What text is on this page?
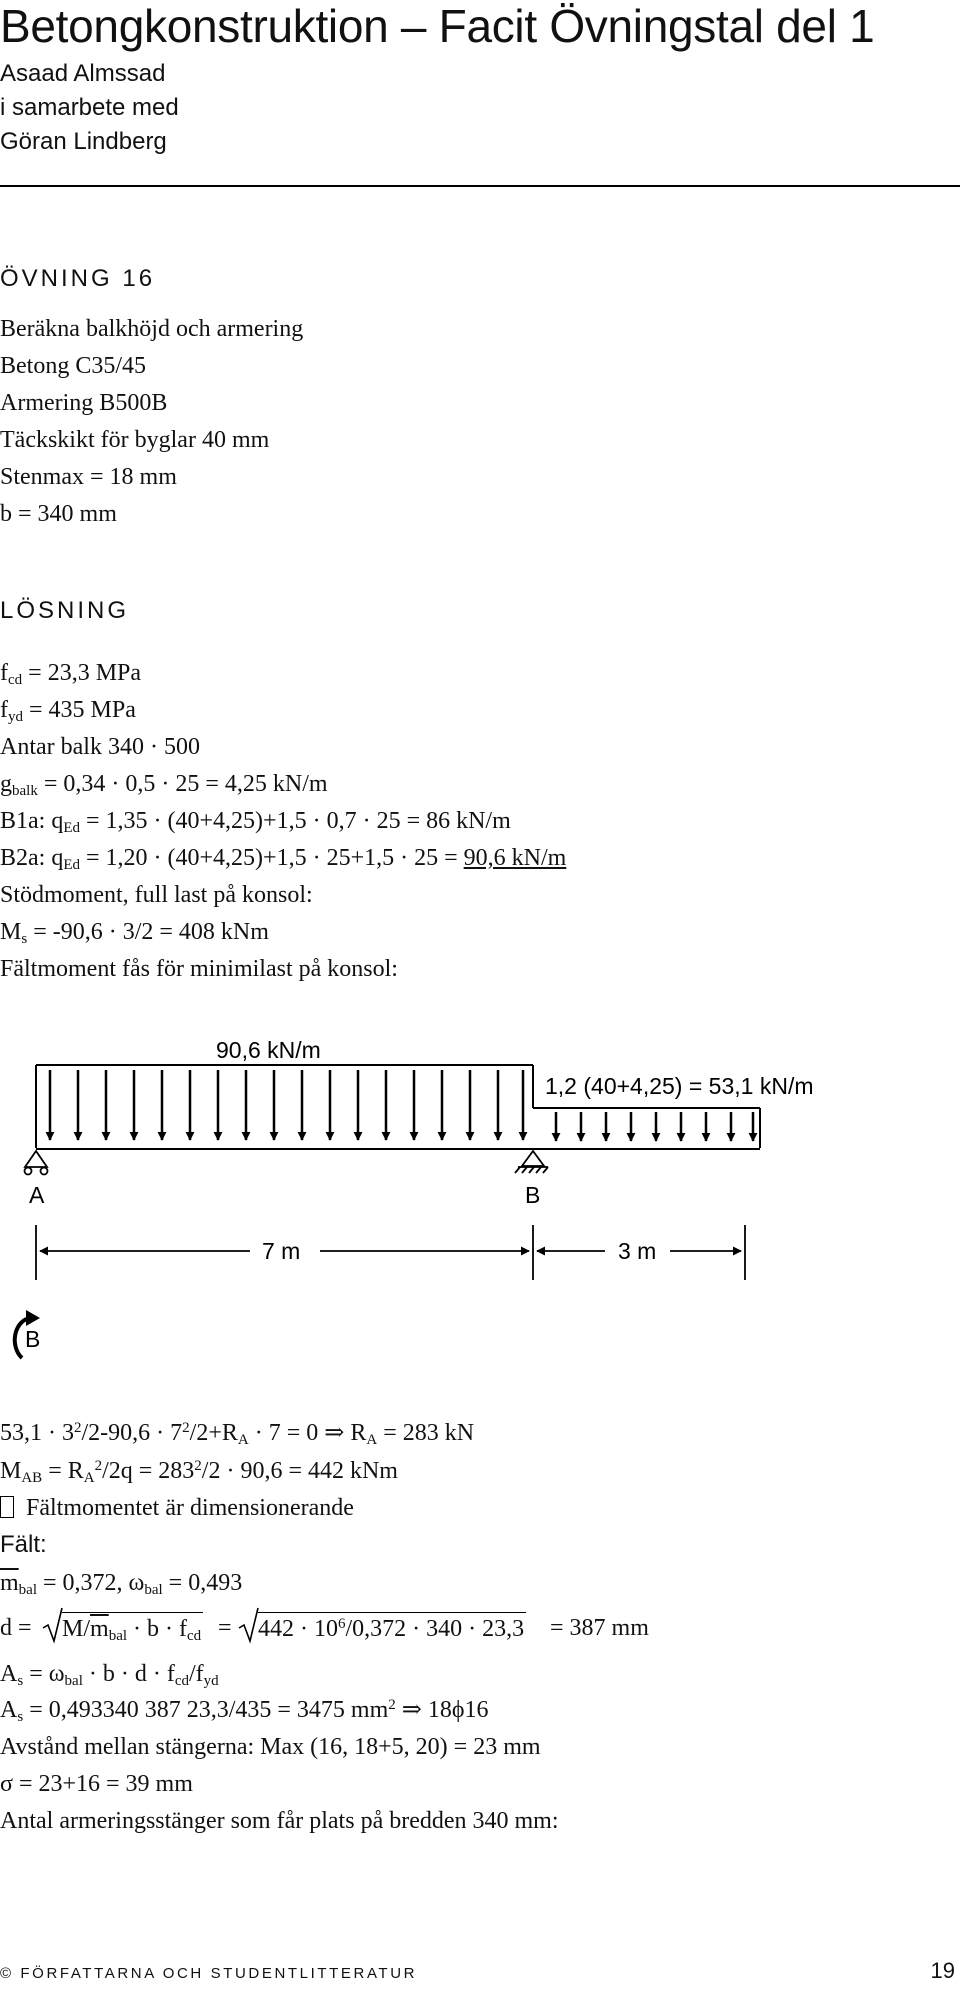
Betongkonstruktion – Facit Övningstal del 1
Asaad Almssad
i samarbete med
Göran Lindberg
ÖVNING 16
Beräkna balkhöjd och armering
Betong C35/45
Armering B500B
Täckskikt för byglar 40 mm
Stenmax = 18 mm
b = 340 mm
LÖSNING
$f_{cd} = 23,3$ MPa
$f_{yd} = 435$ MPa
Antar balk 340 · 500
$g_{balk} = 0,34 \cdot 0,5 \cdot 25 = 4,25$ kN/m
B1a: $q_{Ed} = 1,35 \cdot (40+4,25)+1,5 \cdot 0,7 \cdot 25 = 86$ kN/m
B2a: $q_{Ed} = 1,20 \cdot (40+4,25)+1,5 \cdot 25+1,5 \cdot 25 = 90,6$ kN/m
Stödmoment, full last på konsol:
$M_s = -90,6 \cdot 3/2 = 408$ kNm
Fältmoment fås för minimilast på konsol:
90,6 kN/m
1,2 (40+4,25) = 53,1 kN/m
A	B
7 m	3 m
B
$53,1 \cdot 3^2/2-90,6 \cdot 7^2/2+R_A \cdot 7 = 0$ ⇒ $R_A = 283$ kN
$M_{AB} = R_A^2/2q = 283^2/2 \cdot 90,6 = 442$ kNm
Fältmomentet är dimensionerande
Fält:
$\overline{m}_{bal} = 0,372$, $\omega_{bal} = 0,493$
$d = M/\overline{m}_{bal} \cdot b \cdot f_{cd} = 442 \cdot 10^6/0,372 \cdot 340 \cdot 23,3 = 387$ mm
$A_s = \omega_{bal} \cdot b \cdot d \cdot f_{cd}/f_{yd}$
$A_s = 0,493340$ 387 23,3/435 = 3475 $mm^2$ ⇒ 18ϕ16
Avstånd mellan stängerna: Max (16, 18+5, 20) = 23 mm
σ = 23+16 = 39 mm
Antal armeringsstänger som får plats på bredden 340 mm:
© FÖRFATTARNA OCH STUDENTLITTERATUR	19
